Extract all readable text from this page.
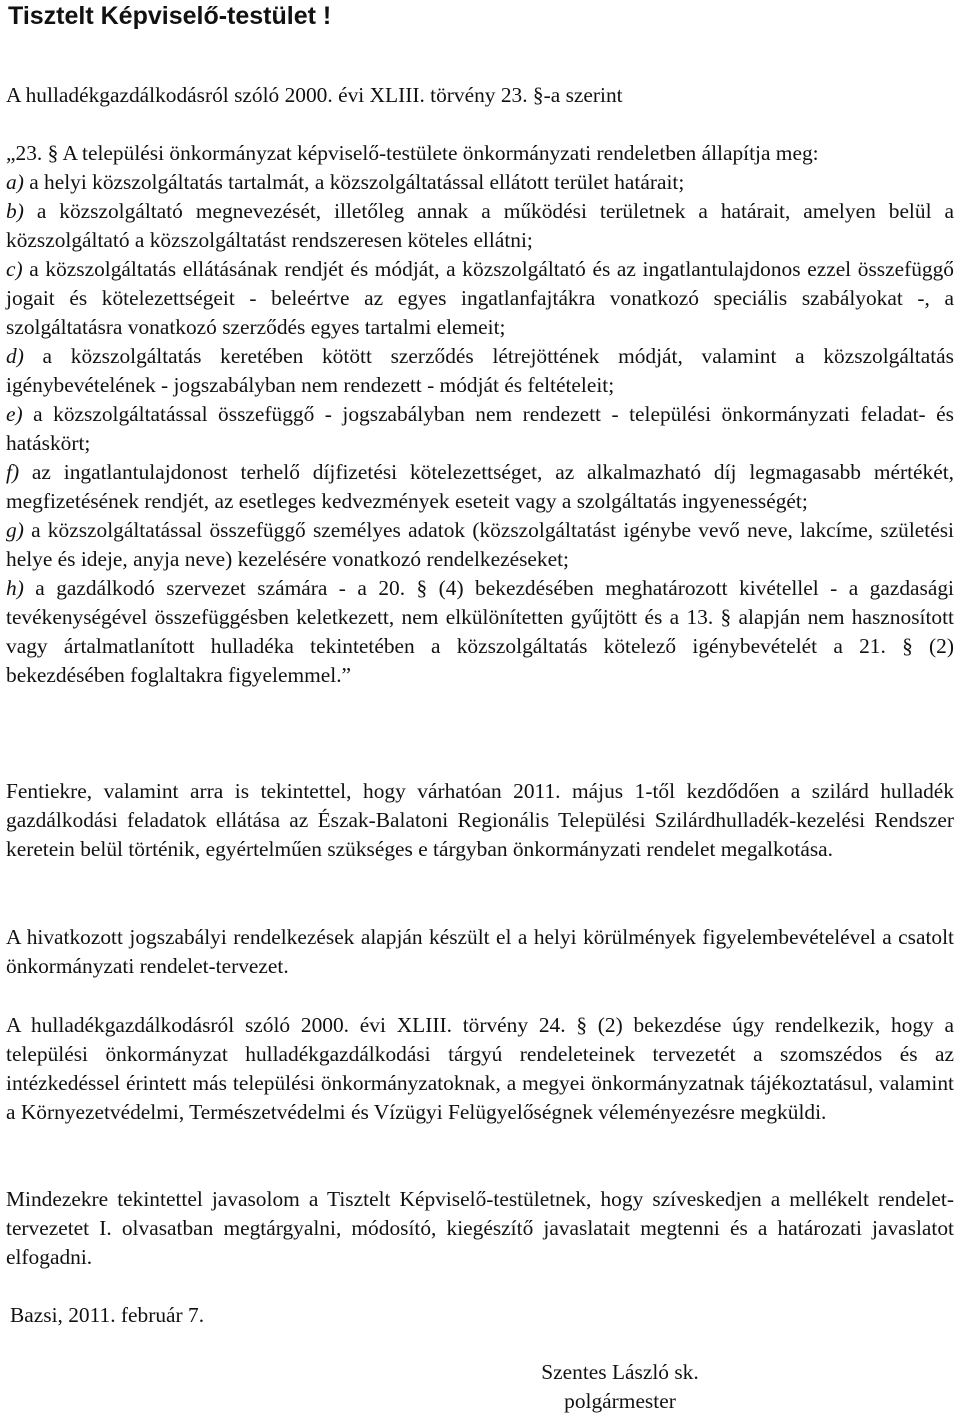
Tisztelt Képviselő-testület !
A hulladékgazdálkodásról szóló 2000. évi XLIII. törvény 23. §-a szerint

„23. § A települési önkormányzat képviselő-testülete önkormányzati rendeletben állapítja meg:

a) a helyi közszolgáltatás tartalmát, a közszolgáltatással ellátott terület határait;

b) a közszolgáltató megnevezését, illetőleg annak a működési területnek a határait, amelyen belül a közszolgáltató a közszolgáltatást rendszeresen köteles ellátni;

c) a közszolgáltatás ellátásának rendjét és módját, a közszolgáltató és az ingatlantulajdonos ezzel összefüggő jogait és kötelezettségeit - beleértve az egyes ingatlanfajtákra vonatkozó speciális szabályokat -, a szolgáltatásra vonatkozó szerződés egyes tartalmi elemeit;

d) a közszolgáltatás keretében kötött szerződés létrejöttének módját, valamint a közszolgáltatás igénybevételének - jogszabályban nem rendezett - módját és feltételeit;

e) a közszolgáltatással összefüggő - jogszabályban nem rendezett - települési önkormányzati feladat- és hatáskört;

f) az ingatlantulajdonost terhelő díjfizetési kötelezettséget, az alkalmazható díj legmagasabb mértékét, megfizetésének rendjét, az esetleges kedvezmények eseteit vagy a szolgáltatás ingyenességét;

g) a közszolgáltatással összefüggő személyes adatok (közszolgáltatást igénybe vevő neve, lakcíme, születési helye és ideje, anyja neve) kezelésére vonatkozó rendelkezéseket;

h) a gazdálkodó szervezet számára - a 20. § (4) bekezdésében meghatározott kivétellel - a gazdasági tevékenységével összefüggésben keletkezett, nem elkülönítetten gyűjtött és a 13. § alapján nem hasznosított vagy ártalmatlanított hulladéka tekintetében a közszolgáltatás kötelező igénybevételét a 21. § (2) bekezdésében foglaltakra figyelemmel.”

Fentiekre, valamint arra is tekintettel, hogy várhatóan 2011. május 1-től kezdődően a szilárd hulladék gazdálkodási feladatok ellátása az Észak-Balatoni Regionális Települési Szilárdhulladék-kezelési Rendszer keretein belül történik, egyértelműen szükséges e tárgyban önkormányzati rendelet megalkotása.
A hivatkozott jogszabályi rendelkezések alapján készült el a helyi körülmények figyelembevételével a csatolt önkormányzati rendelet-tervezet.
A hulladékgazdálkodásról szóló 2000. évi XLIII. törvény 24. § (2) bekezdése úgy rendelkezik, hogy a települési önkormányzat hulladékgazdálkodási tárgyú rendeleteinek tervezetét a szomszédos és az intézkedéssel érintett más települési önkormányzatoknak, a megyei önkormányzatnak tájékoztatásul, valamint a Környezetvédelmi, Természetvédelmi és Vízügyi Felügyelőségnek véleményezésre megküldi.
Mindezekre tekintettel javasolom a Tisztelt Képviselő-testületnek, hogy szíveskedjen a mellékelt rendelet-tervezetet I. olvasatban megtárgyalni, módosító, kiegészítő javaslatait megtenni és a határozati javaslatot elfogadni.
Bazsi, 2011. február 7.
Szentes László sk.
polgármester
